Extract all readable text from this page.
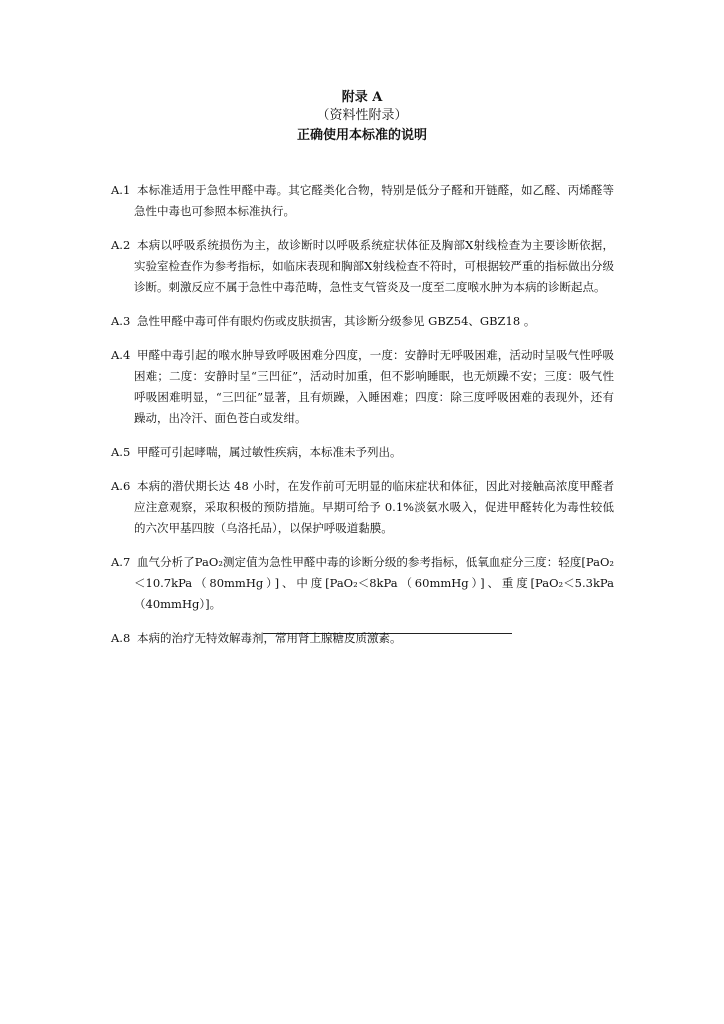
附录 A
（资料性附录）
正确使用本标准的说明
A.1 本标准适用于急性甲醛中毒。其它醛类化合物，特别是低分子醛和开链醛，如乙醛、丙烯醛等急性中毒也可参照本标准执行。
A.2 本病以呼吸系统损伤为主，故诊断时以呼吸系统症状体征及胸部X射线检查为主要诊断依据，实验室检查作为参考指标，如临床表现和胸部X射线检查不符时，可根据较严重的指标做出分级诊断。刺激反应不属于急性中毒范畴，急性支气管炎及一度至二度喉水肿为本病的诊断起点。
A.3 急性甲醛中毒可伴有眼灼伤或皮肤损害，其诊断分级参见 GBZ54、GBZ18 。
A.4 甲醛中毒引起的喉水肿导致呼吸困难分四度，一度：安静时无呼吸困难，活动时呈吸气性呼吸困难；二度：安静时呈“三凹征”，活动时加重，但不影响睡眠，也无烦躁不安；三度：吸气性呼吸困难明显，“三凹征”显著，且有烦躁，入睡困难；四度：除三度呼吸困难的表现外，还有躁动，出冷汗、面色苍白或发绀。
A.5 甲醛可引起哮喘，属过敏性疾病，本标准未予列出。
A.6 本病的潜伏期长达 48 小时，在发作前可无明显的临床症状和体征，因此对接触高浓度甲醛者应注意观察，采取积极的预防措施。早期可给予 0.1%淡氨水吸入，促进甲醛转化为毒性较低的六次甲基四胺（乌洛托品），以保护呼吸道黏膜。
A.7 血气分析了PaO₂测定值为急性甲醛中毒的诊断分级的参考指标，低氧血症分三度：轻度[PaO₂＜10.7kPa（80mmHg）]、中度[PaO₂＜8kPa（60mmHg）]、重度[PaO₂＜5.3kPa（40mmHg）]。
A.8 本病的治疗无特效解毒剂，常用肾上腺糖皮质激素。
